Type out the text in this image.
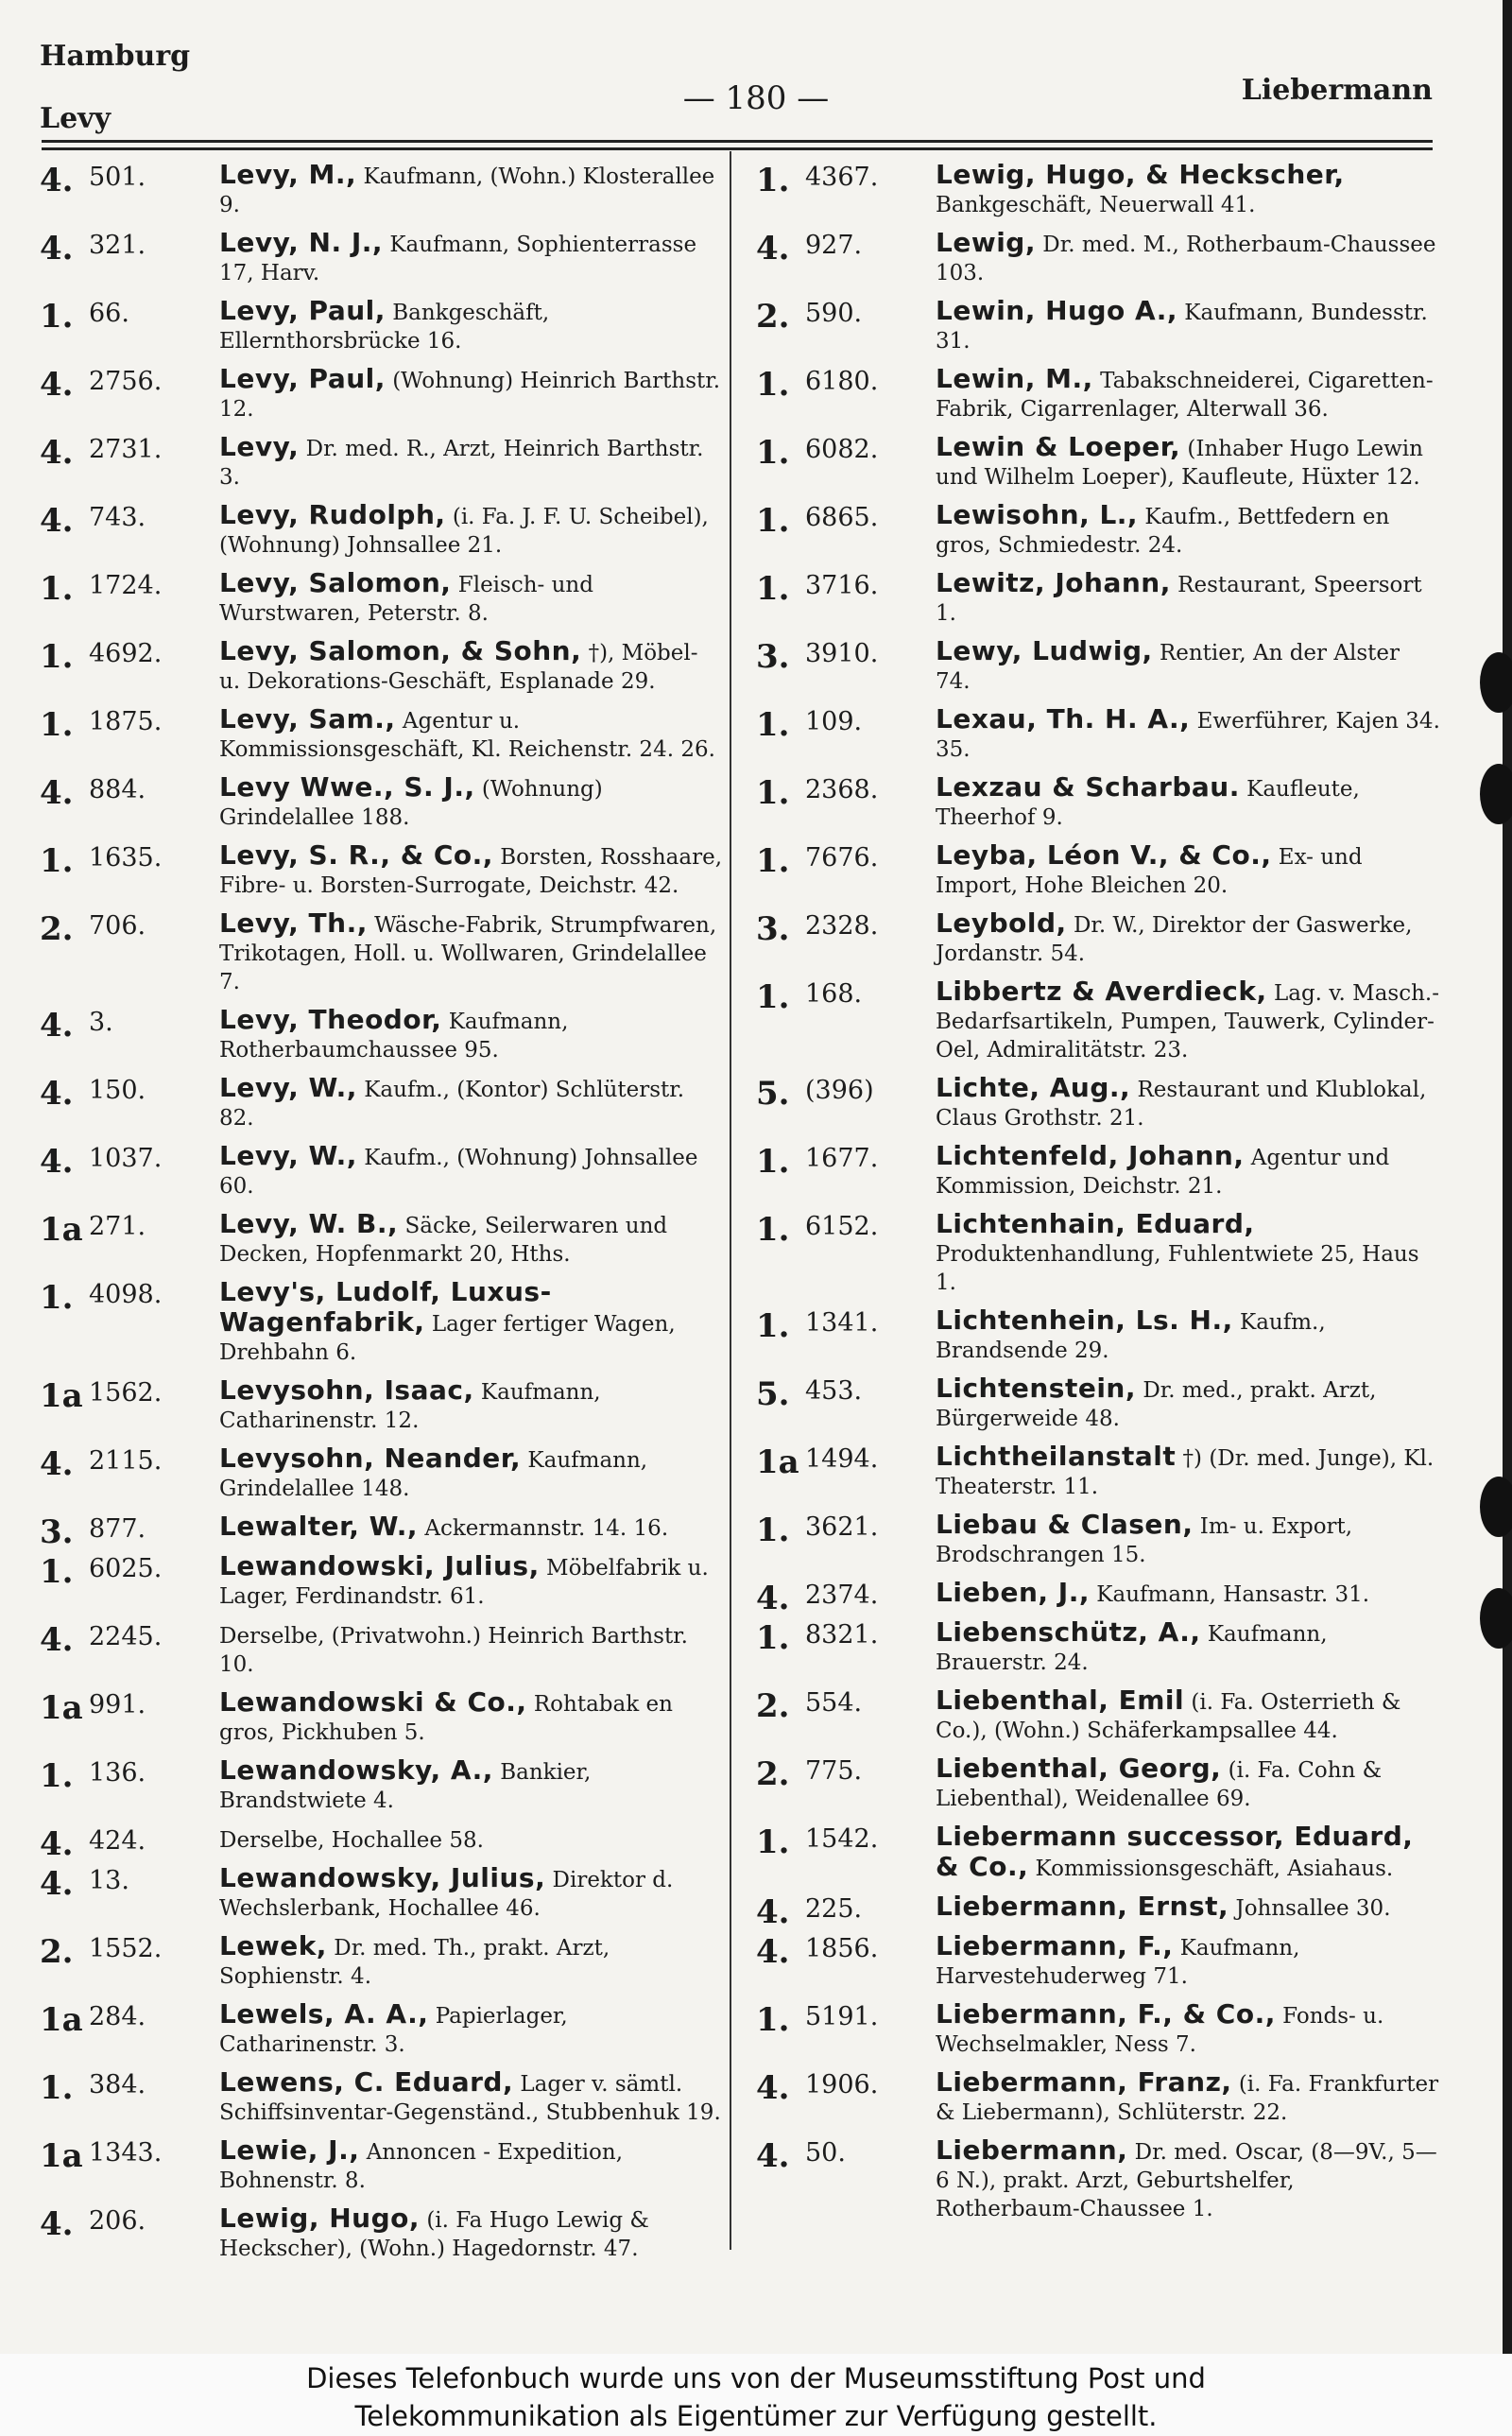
Hamburg
Levy
— 180 —	Liebermann
4. 501.	Levy, M., Kaufmann, (Wohn.) Klosterallee 9.
4. 321.	Levy, N. J., Kaufmann, Sophienterrasse 17, Harv.
1. 66.	Levy, Paul, Bankgeschäft, Ellernthorsbrücke 16.
4. 2756.	Levy, Paul, (Wohnung) Heinrich Barthstr. 12.
4. 2731.	Levy, Dr. med. R., Arzt, Heinrich Barthstr. 3.
4. 743.	Levy, Rudolph, (i. Fa. J. F. U. Scheibel), (Wohnung) Johnsallee 21.
1. 1724.	Levy, Salomon, Fleisch- und Wurstwaren, Peterstr. 8.
1. 4692.	Levy, Salomon, & Sohn, †), Möbel- u. Dekorations-Geschäft, Esplanade 29.
1. 1875.	Levy, Sam., Agentur u. Kommissionsgeschäft, Kl. Reichenstr. 24. 26.
4. 884.	Levy Wwe., S. J., (Wohnung) Grindelallee 188.
1. 1635.	Levy, S. R., & Co., Borsten, Rosshaare, Fibre- u. Borsten-Surrogate, Deichstr. 42.
2. 706.	Levy, Th., Wäsche-Fabrik, Strumpfwaren, Trikotagen, Holl. u. Wollwaren, Grindelallee 7.
4. 3.	Levy, Theodor, Kaufmann, Rotherbaumchaussee 95.
4. 150.	Levy, W., Kaufm., (Kontor) Schlüterstr. 82.
4. 1037.	Levy, W., Kaufm., (Wohnung) Johnsallee 60.
1a 271.	Levy, W. B., Säcke, Seilerwaren und Decken, Hopfenmarkt 20, Hths.
1. 4098.	Levy's, Ludolf, Luxus-Wagenfabrik, Lager fertiger Wagen, Drehbahn 6.
1a 1562.	Levysohn, Isaac, Kaufmann, Catharinenstr. 12.
4. 2115.	Levysohn, Neander, Kaufmann, Grindelallee 148.
3. 877.	Lewalter, W., Ackermannstr. 14. 16.
1. 6025.	Lewandowski, Julius, Möbelfabrik u. Lager, Ferdinandstr. 61.
4. 2245.	Derselbe, (Privatwohn.) Heinrich Barthstr. 10.
1a 991.	Lewandowski & Co., Rohtabak en gros, Pickhuben 5.
1. 136.	Lewandowsky, A., Bankier, Brandstwiete 4.
4. 424.	Derselbe, Hochallee 58.
4. 13.	Lewandowsky, Julius, Direktor d. Wechslerbank, Hochallee 46.
2. 1552.	Lewek, Dr. med. Th., prakt. Arzt, Sophienstr. 4.
1a 284.	Lewels, A. A., Papierlager, Catharinenstr. 3.
1. 384.	Lewens, C. Eduard, Lager v. sämtl. Schiffsinventar-Gegenständ., Stubbenhuk 19.
1a 1343.	Lewie, J., Annoncen - Expedition, Bohnenstr. 8.
4. 206.	Lewig, Hugo, (i. Fa Hugo Lewig & Heckscher), (Wohn.) Hagedornstr. 47.
1. 4367.	Lewig, Hugo, & Heckscher, Bankgeschäft, Neuerwall 41.
4. 927.	Lewig, Dr. med. M., Rotherbaum-Chaussee 103.
2. 590.	Lewin, Hugo A., Kaufmann, Bundesstr. 31.
1. 6180.	Lewin, M., Tabakschneiderei, Cigaretten-Fabrik, Cigarrenlager, Alterwall 36.
1. 6082.	Lewin & Loeper, (Inhaber Hugo Lewin und Wilhelm Loeper), Kaufleute, Hüxter 12.
1. 6865.	Lewisohn, L., Kaufm., Bettfedern en gros, Schmiedestr. 24.
1. 3716.	Lewitz, Johann, Restaurant, Speersort 1.
3. 3910.	Lewy, Ludwig, Rentier, An der Alster 74.
1. 109.	Lexau, Th. H. A., Ewerführer, Kajen 34. 35.
1. 2368.	Lexzau & Scharbau. Kaufleute, Theerhof 9.
1. 7676.	Leyba, Léon V., & Co., Ex- und Import, Hohe Bleichen 20.
3. 2328.	Leybold, Dr. W., Direktor der Gaswerke, Jordanstr. 54.
1. 168.	Libbertz & Averdieck, Lag. v. Masch.-Bedarfsartikeln, Pumpen, Tauwerk, Cylinder-Oel, Admiralitätstr. 23.
5. (396)	Lichte, Aug., Restaurant und Klublokal, Claus Grothstr. 21.
1. 1677.	Lichtenfeld, Johann, Agentur und Kommission, Deichstr. 21.
1. 6152.	Lichtenhain, Eduard, Produktenhandlung, Fuhlentwiete 25, Haus 1.
1. 1341.	Lichtenhein, Ls. H., Kaufm., Brandsende 29.
5. 453.	Lichtenstein, Dr. med., prakt. Arzt, Bürgerweide 48.
1a 1494.	Lichtheilanstalt †) (Dr. med. Junge), Kl. Theaterstr. 11.
1. 3621.	Liebau & Clasen, Im- u. Export, Brodschrangen 15.
4. 2374.	Lieben, J., Kaufmann, Hansastr. 31.
1. 8321.	Liebenschütz, A., Kaufmann, Brauerstr. 24.
2. 554.	Liebenthal, Emil (i. Fa. Osterrieth & Co.), (Wohn.) Schäferkampsallee 44.
2. 775.	Liebenthal, Georg, (i. Fa. Cohn & Liebenthal), Weidenallee 69.
1. 1542.	Liebermann successor, Eduard, & Co., Kommissionsgeschäft, Asiahaus.
4. 225.	Liebermann, Ernst, Johnsallee 30.
4. 1856.	Liebermann, F., Kaufmann, Harvestehuderweg 71.
1. 5191.	Liebermann, F., & Co., Fonds- u. Wechselmakler, Ness 7.
4. 1906.	Liebermann, Franz, (i. Fa. Frankfurter & Liebermann), Schlüterstr. 22.
4. 50.	Liebermann, Dr. med. Oscar, (8—9V., 5—6 N.), prakt. Arzt, Geburtshelfer, Rotherbaum-Chaussee 1.
Dieses Telefonbuch wurde uns von der Museumsstiftung Post und
Telekommunikation als Eigentümer zur Verfügung gestellt.
